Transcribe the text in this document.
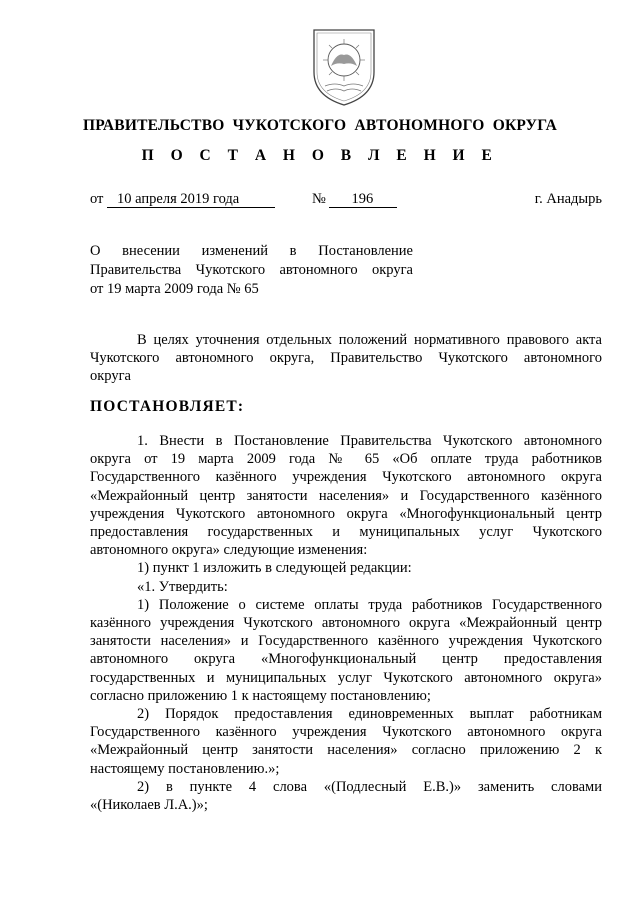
ПРАВИТЕЛЬСТВО  ЧУКОТСКОГО  АВТОНОМНОГО  ОКРУГА
П О С Т А Н О В Л Е Н И Е
от 10 апреля 2019 года	№ 196	г. Анадырь
О внесении изменений в Постановление
Правительства Чукотского автономного округа
от 19 марта 2009 года № 65
В целях уточнения отдельных положений нормативного правового акта
Чукотского автономного округа, Правительство Чукотского автономного
округа
ПОСТАНОВЛЯЕТ:
1. Внести в Постановление Правительства Чукотского автономного
округа от 19 марта 2009 года № 65 «Об оплате труда работников
Государственного казённого учреждения Чукотского автономного округа
«Межрайонный центр занятости населения» и Государственного казённого
учреждения Чукотского автономного округа «Многофункциональный центр
предоставления государственных и муниципальных услуг Чукотского
автономного округа» следующие изменения:
1) пункт 1 изложить в следующей редакции:
«1. Утвердить:
1) Положение о системе оплаты труда работников Государственного
казённого учреждения Чукотского автономного округа «Межрайонный центр
занятости населения» и Государственного казённого учреждения Чукотского
автономного округа «Многофункциональный центр предоставления
государственных и муниципальных услуг Чукотского автономного округа»
согласно приложению 1 к настоящему постановлению;
2) Порядок предоставления единовременных выплат работникам
Государственного казённого учреждения Чукотского автономного округа
«Межрайонный центр занятости населения» согласно приложению 2 к
настоящему постановлению.»;
2) в пункте 4 слова «(Подлесный Е.В.)» заменить словами
«(Николаев Л.А.)»;
